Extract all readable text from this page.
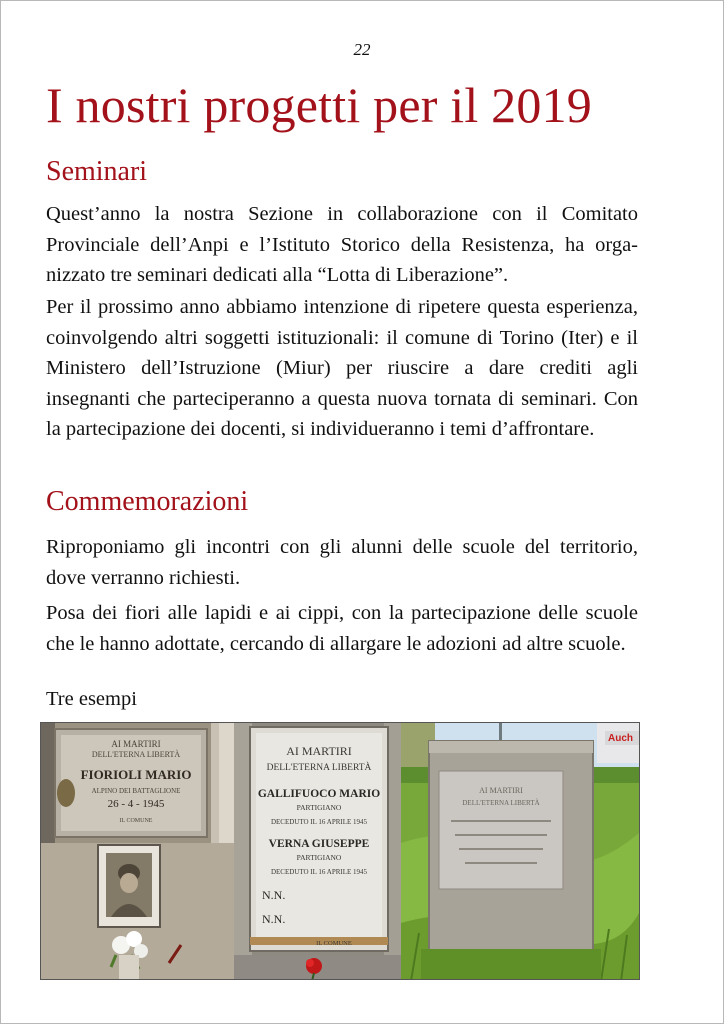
22
I nostri progetti per il 2019
Seminari

Quest’anno la nostra Sezione in collaborazione con il Comitato Provinciale dell’Anpi e l’Istituto Storico della Resistenza, ha organizzato tre seminari dedicati alla “Lotta di Liberazione”.

Per il prossimo anno abbiamo intenzione di ripetere questa esperienza, coinvolgendo altri soggetti istituzionali: il comune di Torino (Iter) e il Ministero dell’Istruzione (Miur) per riuscire a dare crediti agli insegnanti che parteciperanno a questa nuova tornata di seminari. Con la partecipazione dei docenti, si individueranno i temi d’affrontare.

Commemorazioni

Riproponiamo gli incontri con gli alunni delle scuole del territorio, dove verranno richiesti.

Posa dei fiori alle lapidi e ai cippi, con la partecipazione delle scuole che le hanno adottate, cercando di allargare le adozioni ad altre scuole.

Tre esempi

AI MARTIRI
DELL'ETERNA LIBERTÀ
FIORIOLI MARIO
ALPINO DEI BATTAGLIONE
26 - 4 - 1945
IL COMUNE
AI MARTIRI
DELL'ETERNA LIBERTÀ
GALLIFUOCO MARIO
PARTIGIANO
DECEDUTO IL 16 APRILE 1945
VERNA GIUSEPPE
PARTIGIANO
DECEDUTO IL 16 APRILE 1945
N.N.
N.N.
IL COMUNE
Auch
AI MARTIRI
DELL'ETERNA LIBERTÀ
